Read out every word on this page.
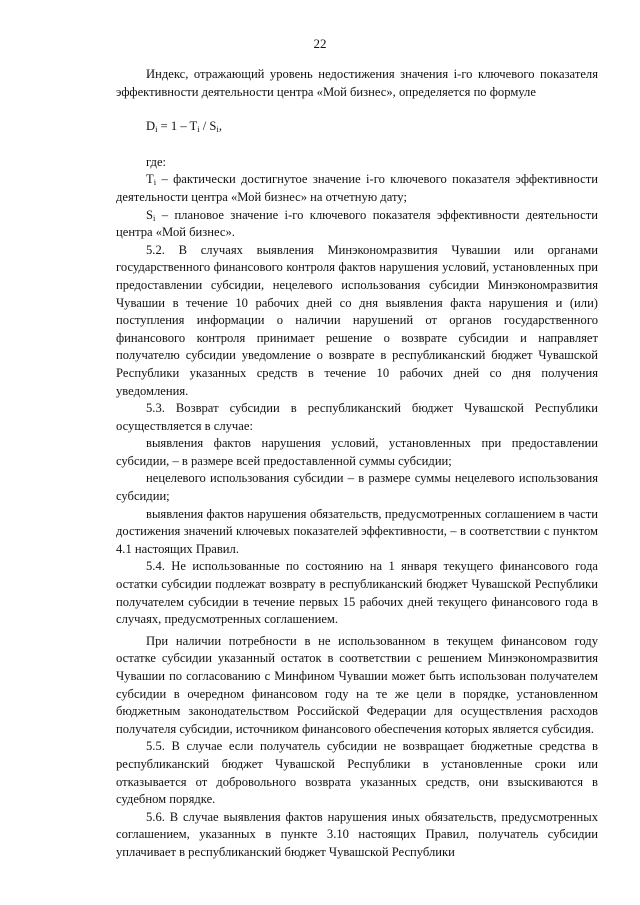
22

Индекс, отражающий уровень недостижения значения i-го ключевого показателя эффективности деятельности центра «Мой бизнес», определяется по формуле

$D_i = 1 - T_i / S_i$,

где:

$T_i$ – фактически достигнутое значение i-го ключевого показателя эффективности деятельности центра «Мой бизнес» на отчетную дату;

$S_i$ – плановое значение i-го ключевого показателя эффективности деятельности центра «Мой бизнес».

5.2. В случаях выявления Минэкономразвития Чувашии или органами государственного финансового контроля фактов нарушения условий, установленных при предоставлении субсидии, нецелевого использования субсидии Минэкономразвития Чувашии в течение 10 рабочих дней со дня выявления факта нарушения и (или) поступления информации о наличии нарушений от органов государственного финансового контроля принимает решение о возврате субсидии и направляет получателю субсидии уведомление о возврате в республиканский бюджет Чувашской Республики указанных средств в течение 10 рабочих дней со дня получения уведомления.

5.3. Возврат субсидии в республиканский бюджет Чувашской Республики осуществляется в случае:

выявления фактов нарушения условий, установленных при предоставлении субсидии, – в размере всей предоставленной суммы субсидии;

нецелевого использования субсидии – в размере суммы нецелевого использования субсидии;

выявления фактов нарушения обязательств, предусмотренных соглашением в части достижения значений ключевых показателей эффективности, – в соответствии с пунктом 4.1 настоящих Правил.

5.4. Не использованные по состоянию на 1 января текущего финансового года остатки субсидии подлежат возврату в республиканский бюджет Чувашской Республики получателем субсидии в течение первых 15 рабочих дней текущего финансового года в случаях, предусмотренных соглашением.

При наличии потребности в не использованном в текущем финансовом году остатке субсидии указанный остаток в соответствии с решением Минэкономразвития Чувашии по согласованию с Минфином Чувашии может быть использован получателем субсидии в очередном финансовом году на те же цели в порядке, установленном бюджетным законодательством Российской Федерации для осуществления расходов получателя субсидии, источником финансового обеспечения которых является субсидия.

5.5. В случае если получатель субсидии не возвращает бюджетные средства в республиканский бюджет Чувашской Республики в установленные сроки или отказывается от добровольного возврата указанных средств, они взыскиваются в судебном порядке.

5.6. В случае выявления фактов нарушения иных обязательств, предусмотренных соглашением, указанных в пункте 3.10 настоящих Правил, получатель субсидии уплачивает в республиканский бюджет Чувашской Республики
